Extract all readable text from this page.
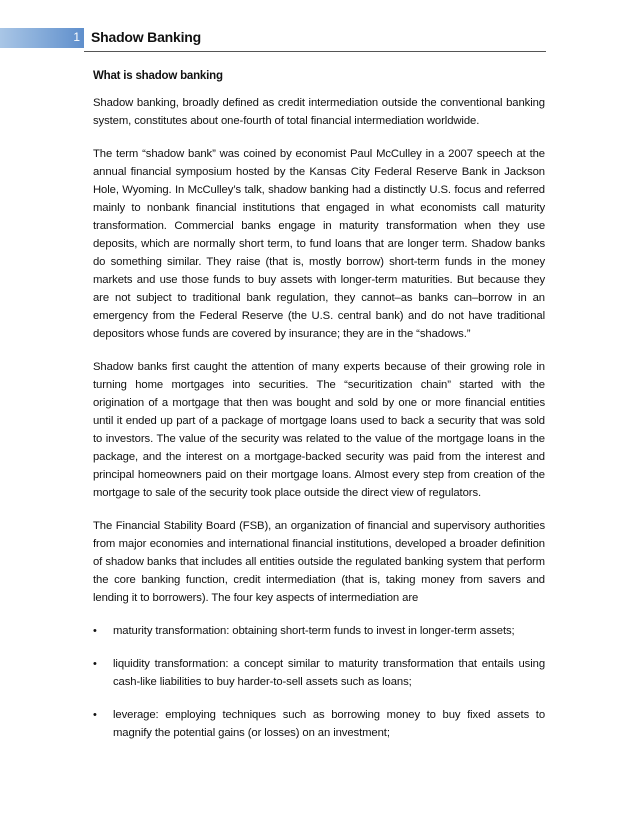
1 Shadow Banking
What is shadow banking

Shadow banking, broadly defined as credit intermediation outside the conventional banking system, constitutes about one-fourth of total financial intermediation worldwide.

The term “shadow bank” was coined by economist Paul McCulley in a 2007 speech at the annual financial symposium hosted by the Kansas City Federal Reserve Bank in Jackson Hole, Wyoming. In McCulley’s talk, shadow banking had a distinctly U.S. focus and referred mainly to nonbank financial institutions that engaged in what economists call maturity transformation. Commercial banks engage in maturity transformation when they use deposits, which are normally short term, to fund loans that are longer term. Shadow banks do something similar. They raise (that is, mostly borrow) short-term funds in the money markets and use those funds to buy assets with longer-term maturities. But because they are not subject to traditional bank regulation, they cannot–as banks can–borrow in an emergency from the Federal Reserve (the U.S. central bank) and do not have traditional depositors whose funds are covered by insurance; they are in the “shadows.”

Shadow banks first caught the attention of many experts because of their growing role in turning home mortgages into securities. The “securitization chain” started with the origination of a mortgage that then was bought and sold by one or more financial entities until it ended up part of a package of mortgage loans used to back a security that was sold to investors. The value of the security was related to the value of the mortgage loans in the package, and the interest on a mortgage-backed security was paid from the interest and principal homeowners paid on their mortgage loans. Almost every step from creation of the mortgage to sale of the security took place outside the direct view of regulators.

The Financial Stability Board (FSB), an organization of financial and supervisory authorities from major economies and international financial institutions, developed a broader definition of shadow banks that includes all entities outside the regulated banking system that perform the core banking function, credit intermediation (that is, taking money from savers and lending it to borrowers). The four key aspects of intermediation are

• maturity transformation: obtaining short-term funds to invest in longer-term assets;
• liquidity transformation: a concept similar to maturity transformation that entails using cash-like liabilities to buy harder-to-sell assets such as loans;
• leverage: employing techniques such as borrowing money to buy fixed assets to magnify the potential gains (or losses) on an investment;
